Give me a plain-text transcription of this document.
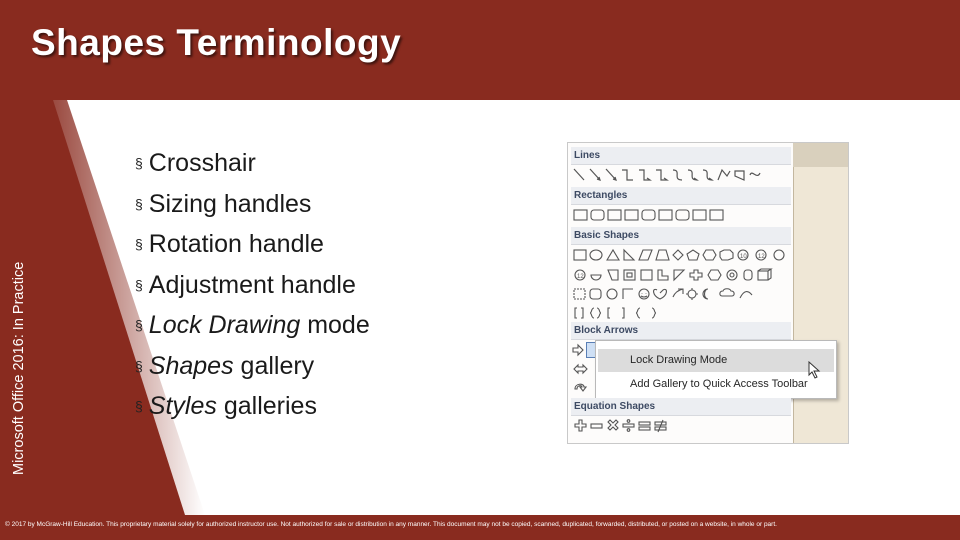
Shapes Terminology
Microsoft Office 2016: In Practice
§ Crosshair
§ Sizing handles
§ Rotation handle
§ Adjustment handle
§ Lock Drawing mode
§ Shapes gallery
§ Styles galleries
Lines
Rectangles
Basic Shapes
10 12
12
Block Arrows
Lock Drawing Mode
Add Gallery to Quick Access Toolbar
Equation Shapes
© 2017 by McGraw-Hill Education. This proprietary material solely for authorized instructor use. Not authorized for sale or distribution in any manner. This document may not be copied, scanned, duplicated, forwarded, distributed, or posted on a website, in whole or part.
